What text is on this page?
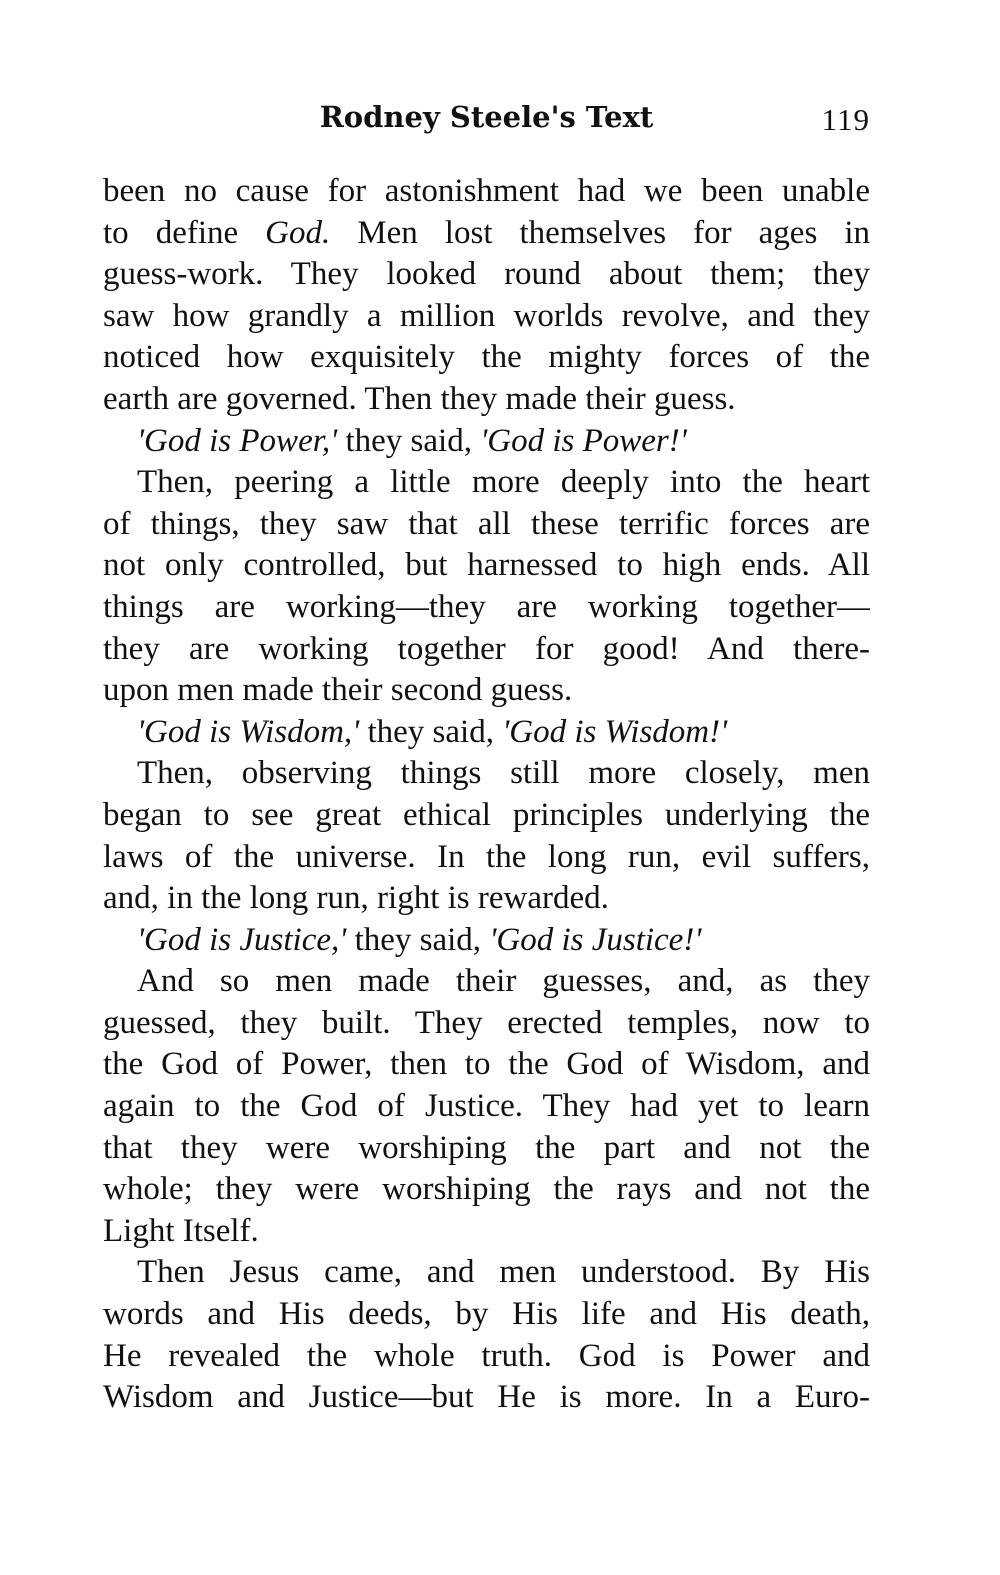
Rodney Steele's Text	119
been no cause for astonishment had we been unable
to define God. Men lost themselves for ages in
guess-work. They looked round about them; they
saw how grandly a million worlds revolve, and they
noticed how exquisitely the mighty forces of the
earth are governed. Then they made their guess.
'God is Power,' they said, 'God is Power!'
Then, peering a little more deeply into the heart
of things, they saw that all these terrific forces are
not only controlled, but harnessed to high ends. All
things are working—they are working together—
they are working together for good! And there-
upon men made their second guess.
'God is Wisdom,' they said, 'God is Wisdom!'
Then, observing things still more closely, men
began to see great ethical principles underlying the
laws of the universe. In the long run, evil suffers,
and, in the long run, right is rewarded.
'God is Justice,' they said, 'God is Justice!'
And so men made their guesses, and, as they
guessed, they built. They erected temples, now to
the God of Power, then to the God of Wisdom, and
again to the God of Justice. They had yet to learn
that they were worshiping the part and not the
whole; they were worshiping the rays and not the
Light Itself.
Then Jesus came, and men understood. By His
words and His deeds, by His life and His death,
He revealed the whole truth. God is Power and
Wisdom and Justice—but He is more. In a Euro-
